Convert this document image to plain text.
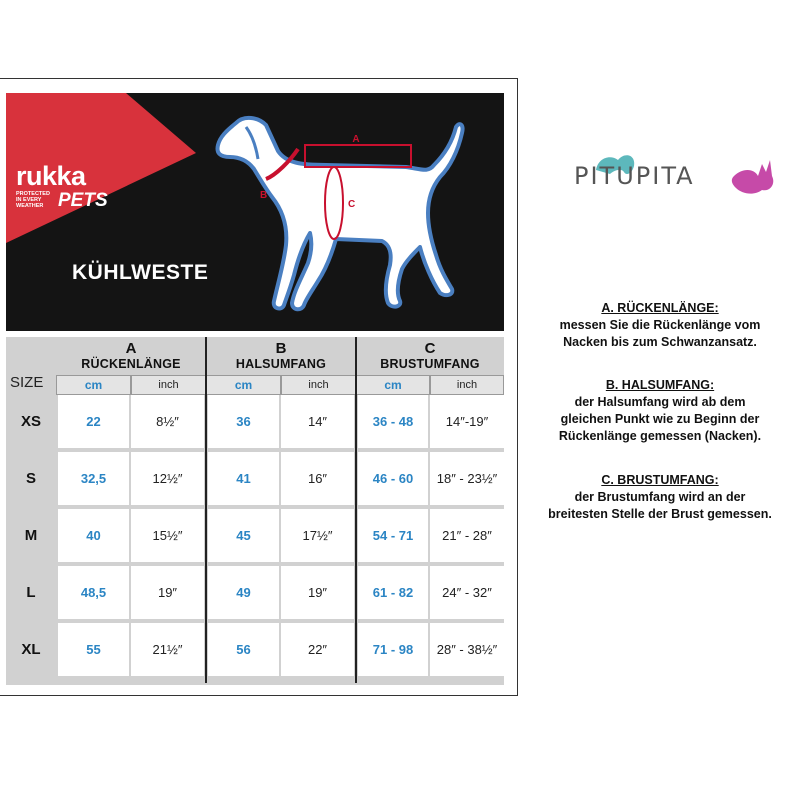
rukka
PROTECTED IN EVERY WEATHER PETS
KÜHLWESTE
A
B
C
SIZE
A
RÜCKENLÄNGE
B
HALSUMFANG
C
BRUSTUMFANG
cm	inch	cm	inch	cm	inch
XS	22	8½″	36	14″	36 - 48	14″-19″
S	32,5	12½″	41	16″	46 - 60	18″ - 23½″
M	40	15½″	45	17½″	54 - 71	21″ - 28″
L	48,5	19″	49	19″	61 - 82	24″ - 32″
XL	55	21½″	56	22″	71 - 98	28″ - 38½″
PITUPITA
A. RÜCKENLÄNGE:
messen Sie die Rückenlänge vom
Nacken bis zum Schwanzansatz.
B. HALSUMFANG:
der Halsumfang wird ab dem
gleichen Punkt wie zu Beginn der
Rückenlänge gemessen (Nacken).
C. BRUSTUMFANG:
der Brustumfang wird an der
breitesten Stelle der Brust gemessen.
